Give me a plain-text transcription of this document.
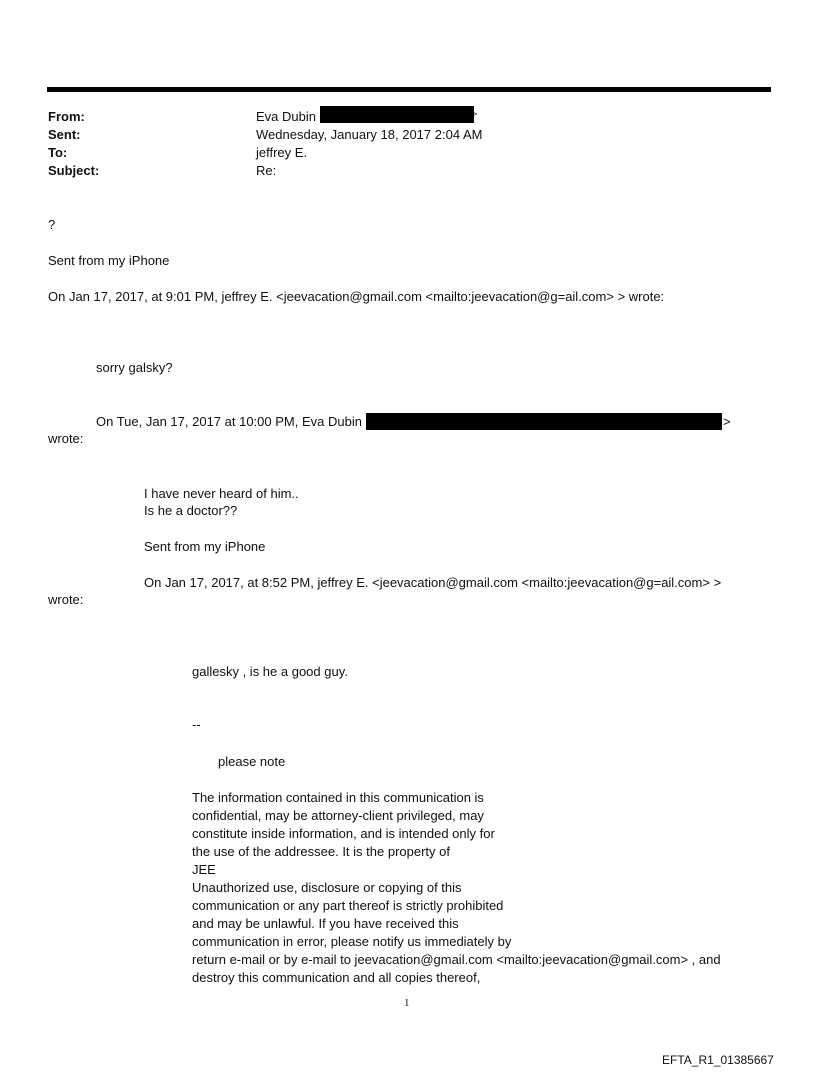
From:	Eva Dubin	>
Sent:	Wednesday, January 18, 2017 2:04 AM
To:	jeffrey E.
Subject:	Re:
?
Sent from my iPhone
On Jan 17, 2017, at 9:01 PM, jeffrey E. <jeevacation@gmail.com <mailto:jeevacation@g=ail.com> > wrote:
sorry galsky?
On Tue, Jan 17, 2017 at 10:00 PM, Eva Dubin	>
wrote:
I have never heard of him..
Is he a doctor??
Sent from my iPhone
On Jan 17, 2017, at 8:52 PM, jeffrey E. <jeevacation@gmail.com <mailto:jeevacation@g=ail.com> >
wrote:
gallesky , is he a good guy.
--
please note
The information contained in this communication is
confidential, may be attorney-client privileged, may
constitute inside information, and is intended only for
the use of the addressee. It is the property of
JEE
Unauthorized use, disclosure or copying of this
communication or any part thereof is strictly prohibited
and may be unlawful. If you have received this
communication in error, please notify us immediately by
return e-mail or by e-mail to jeevacation@gmail.com <mailto:jeevacation@gmail.com> , and
destroy this communication and all copies thereof,
1
EFTA_R1_01385667
